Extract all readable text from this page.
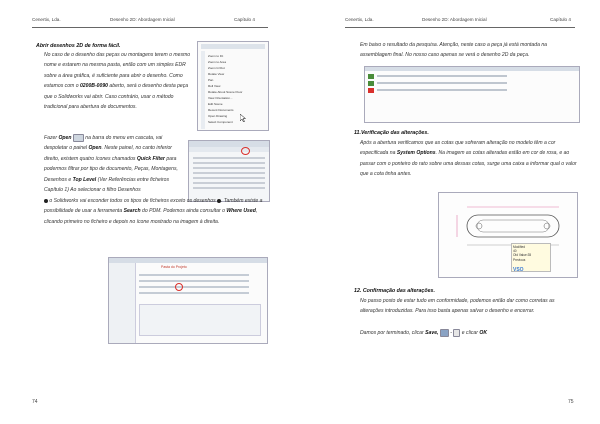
Cenertix, Lda.	Desenho 2D: Abordagem Inicial	Capítulo 4

Abrir desenhos 2D de forma fácil.

No caso de o desenho das peças ou montagens terem o mesmo nome e estarem na mesma pasta, então com um simples EDR sobre a área gráfica, é suficiente para abrir o desenho. Como estamos com o 0200B-0090 aberto, será o desenho desta peça que o Solidworks vai abrir. Caso contrário, usar o método tradicional para abertura de documentos.

Zoom to Fit
Zoom to Area
Zoom In/Out
Rotate View
Pan
Roll View
Rotate About Scene Floor
View Orientation...
Edit Scene
Recent Documents
Open Drawing
Select Component

Fazer Open  na barra do menu em cascata, vai despoletar o painel Open. Neste painel, no canto inferior direito, existem quatro ícones chamados Quick Filter para podermos filtrar por tipo de documento, Peças, Montagens, Desenhos e Top Level (Ver Referências entre ficheiros Capítulo 1) Ao selecionar o filtro Desenhos

o Solidworks vai esconder todos os tipos de ficheiros exceto os desenhos . Também existe a possibilidade de usar a ferramenta Search do PDM. Podemos ainda consultar o Where Used, clicando primeiro no ficheiro e depois no ícone mostrado na imagem à direita.

Pasta do Projeto
74
Cenertix, Lda.	Desenho 2D: Abordagem Inicial	Capítulo 4

Em baixo o resultado da pesquisa. Atenção, neste caso a peça já está montada na assemblagem final. No nosso caso apenas se verá o desenho 2D da peça.

11.Verificação das alterações.

Após a abertura verificamos que as cotas que sofreram alteração no modelo têm a cor especificada na System Options. Na imagem as cotas alteradas estão em cor de rosa, e ao passar com o ponteiro do rato sobre uma dessas cotas, surge uma caixa a informar qual o valor que a cota tinha antes.

Modified
40
Old Value:35
Previous
VSO

12. Confirmação das alterações.

No passo posto de estar tudo em conformidade, podemos então dar como corretas as alterações introduzidas. Para isso basta apenas salvar o desenho e encerrar.

Damos por terminado, clicar Save,  -  e clicar OK

75
